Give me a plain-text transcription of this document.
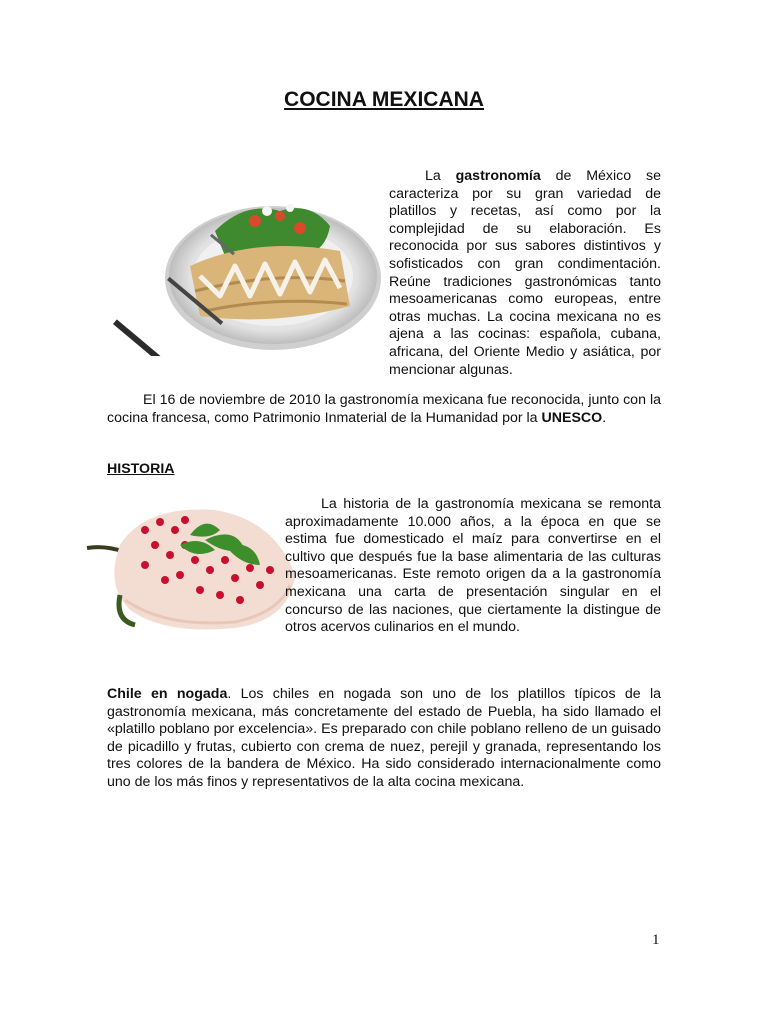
COCINA MEXICANA

La gastronomía de México se caracteriza por su gran variedad de platillos y recetas, así como por la complejidad de su elaboración. Es reconocida por sus sabores distintivos y sofisticados con gran condimentación. Reúne tradiciones gastronómicas tanto mesoamericanas como europeas, entre otras muchas. La cocina mexicana no es ajena a las cocinas: española, cubana, africana, del Oriente Medio y asiática, por mencionar algunas.

El 16 de noviembre de 2010 la gastronomía mexicana fue reconocida, junto con la cocina francesa, como Patrimonio Inmaterial de la Humanidad por la UNESCO.

HISTORIA

La historia de la gastronomía mexicana se remonta aproximadamente 10.000 años, a la época en que se estima fue domesticado el maíz para convertirse en el cultivo que después fue la base alimentaria de las culturas mesoamericanas. Este remoto origen da a la gastronomía mexicana una carta de presentación singular en el concurso de las naciones, que ciertamente la distingue de otros acervos culinarios en el mundo.

Chile en nogada. Los chiles en nogada son uno de los platillos típicos de la gastronomía mexicana, más concretamente del estado de Puebla, ha sido llamado el «platillo poblano por excelencia». Es preparado con chile poblano relleno de un guisado de picadillo y frutas, cubierto con crema de nuez, perejil y granada, representando los tres colores de la bandera de México. Ha sido considerado internacionalmente como uno de los más finos y representativos de la alta cocina mexicana.

1
